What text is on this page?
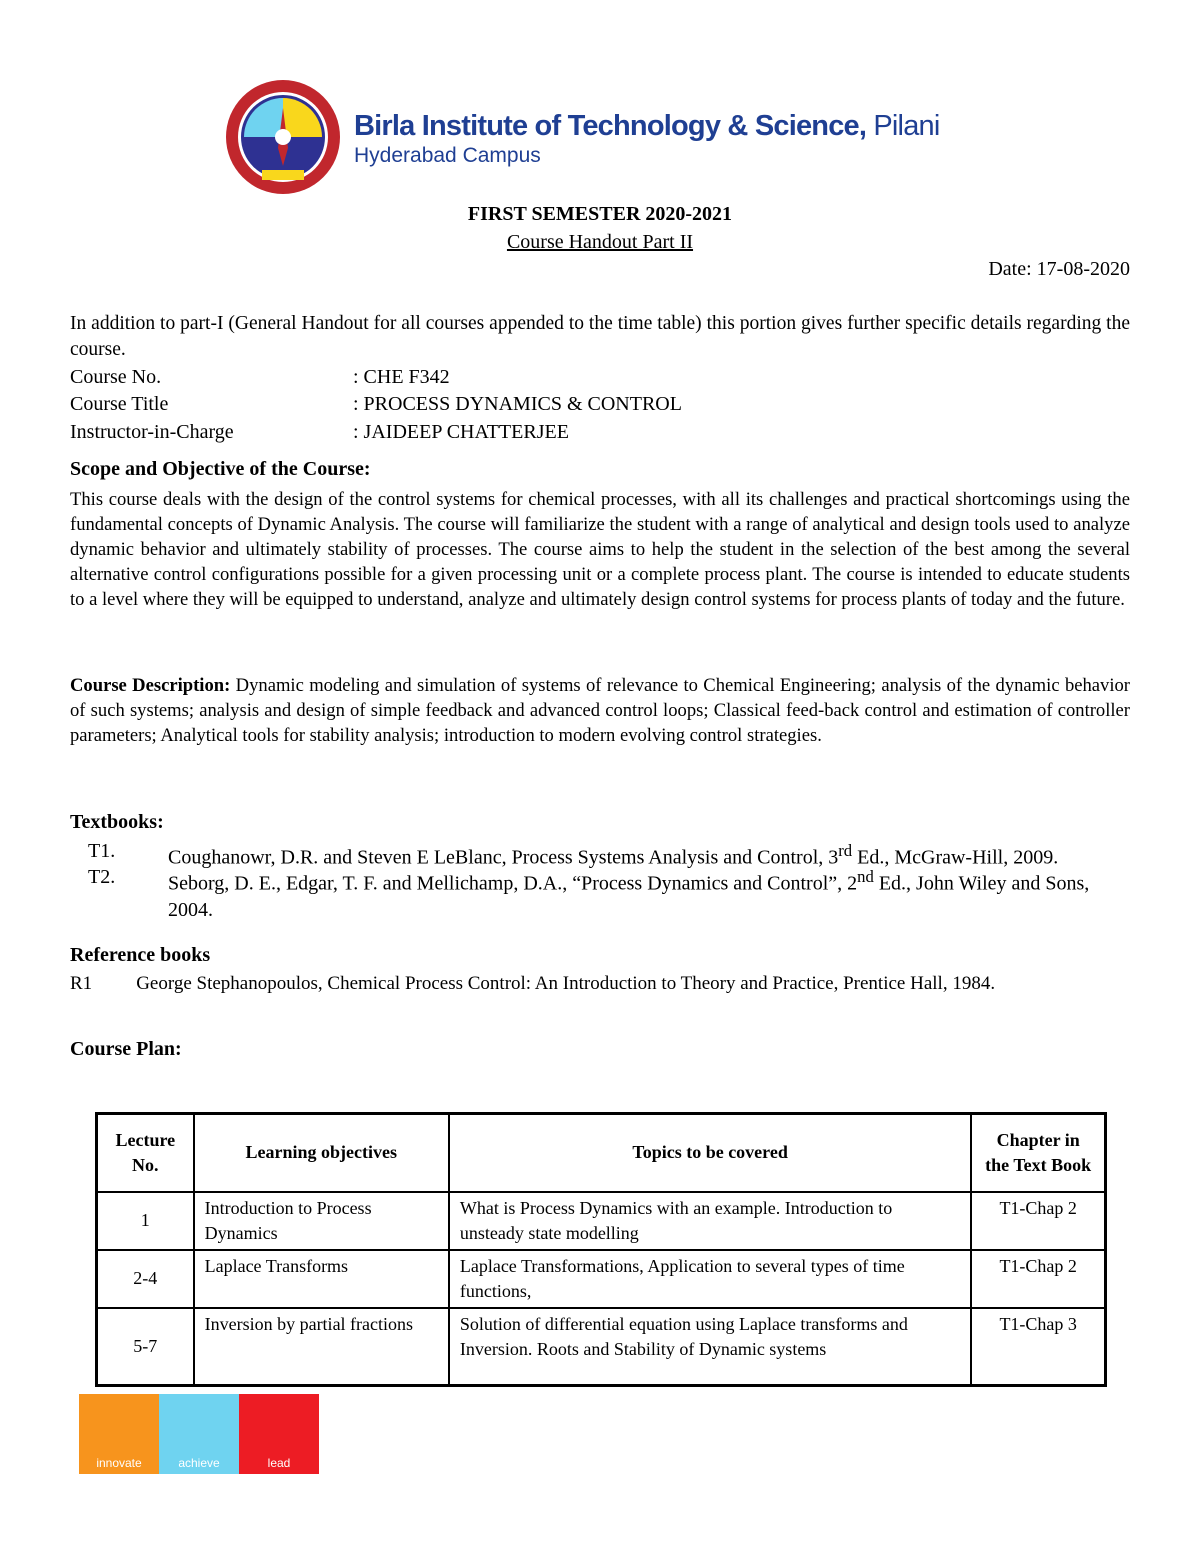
Birla Institute of Technology & Science, Pilani
Hyderabad Campus
FIRST SEMESTER 2020-2021
Course Handout Part II
Date: 17-08-2020
In addition to part-I (General Handout for all courses appended to the time table) this portion gives further specific details regarding the course.
Course No.	: CHE F342
Course Title	: PROCESS DYNAMICS & CONTROL
Instructor-in-Charge	: JAIDEEP CHATTERJEE
Scope and Objective of the Course:
This course deals with the design of the control systems for chemical processes, with all its challenges and practical shortcomings using the fundamental concepts of Dynamic Analysis. The course will familiarize the student with a range of analytical and design tools used to analyze dynamic behavior and ultimately stability of processes. The course aims to help the student in the selection of the best among the several alternative control configurations possible for a given processing unit or a complete process plant. The course is intended to educate students to a level where they will be equipped to understand, analyze and ultimately design control systems for process plants of today and the future.
Course Description: Dynamic modeling and simulation of systems of relevance to Chemical Engineering; analysis of the dynamic behavior of such systems; analysis and design of simple feedback and advanced control loops; Classical feed-back control and estimation of controller parameters; Analytical tools for stability analysis; introduction to modern evolving control strategies.
Textbooks:
T1.	Coughanowr, D.R. and Steven E LeBlanc, Process Systems Analysis and Control, 3rd Ed., McGraw-Hill, 2009.
T2.	Seborg, D. E., Edgar, T. F. and Mellichamp, D.A., “Process Dynamics and Control”, 2nd Ed., John Wiley and Sons, 2004.
Reference books
R1 George Stephanopoulos, Chemical Process Control: An Introduction to Theory and Practice, Prentice Hall, 1984.
Course Plan:
Lecture No.	Learning objectives	Topics to be covered	Chapter in the Text Book
1	Introduction to Process Dynamics	What is Process Dynamics with an example. Introduction to unsteady state modelling	T1-Chap 2
2-4	Laplace Transforms	Laplace Transformations, Application to several types of time functions,	T1-Chap 2
5-7	Inversion by partial fractions	Solution of differential equation using Laplace transforms and Inversion. Roots and Stability of Dynamic systems	T1-Chap 3
innovate	achieve	lead
